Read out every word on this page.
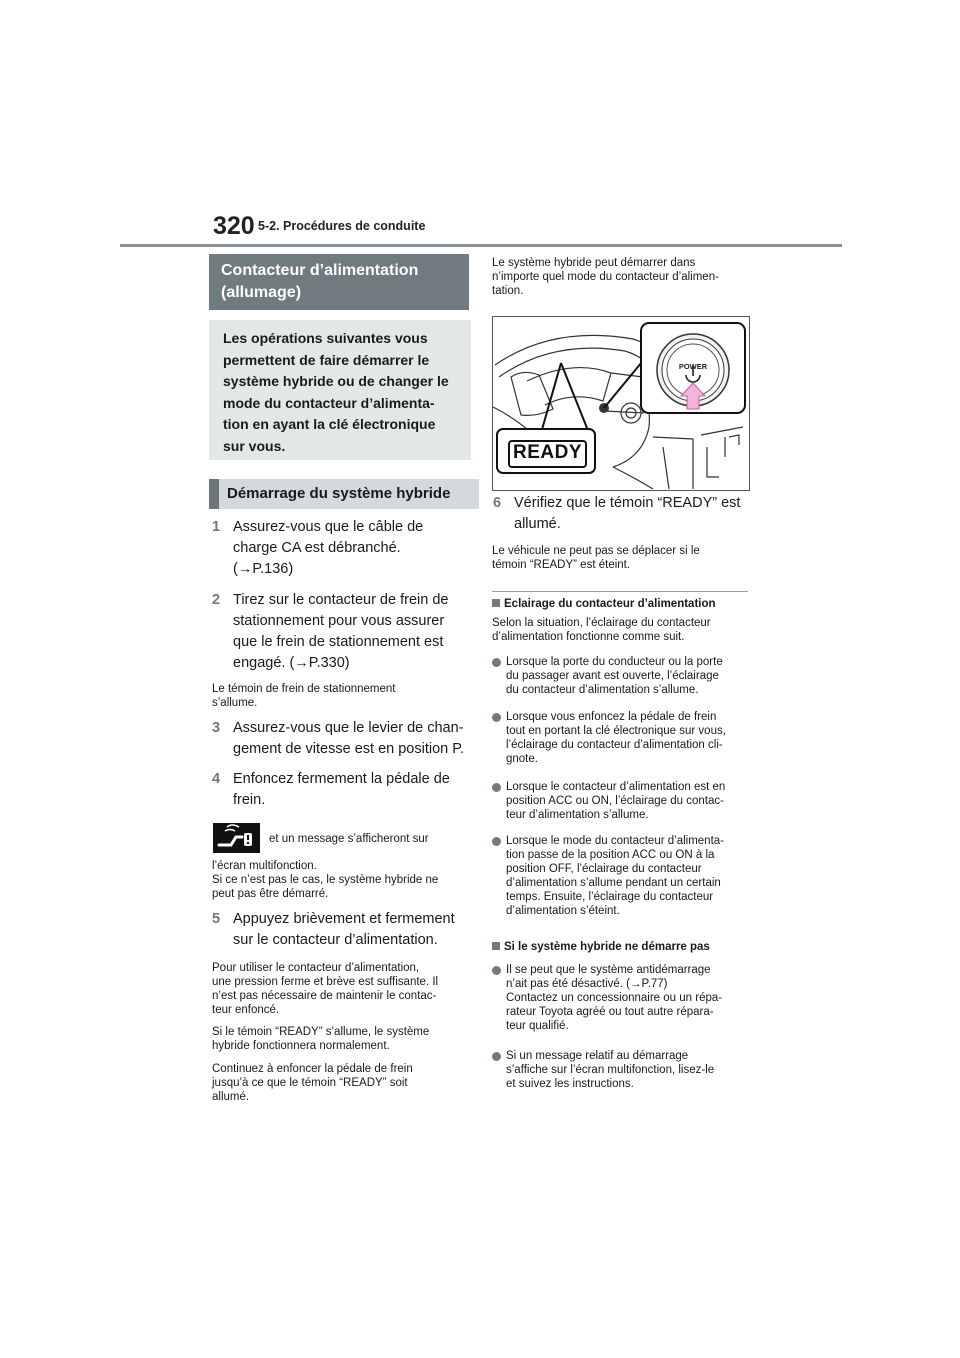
320 5-2. Procédures de conduite
Contacteur d’alimentation
(allumage)
Les opérations suivantes vous
permettent de faire démarrer le
système hybride ou de changer le
mode du contacteur d’alimenta-
tion en ayant la clé électronique
sur vous.
Démarrage du système hybride
1 Assurez-vous que le câble de
charge CA est débranché.
(→P.136)
2 Tirez sur le contacteur de frein de
stationnement pour vous assurer
que le frein de stationnement est
engagé. (→P.330)
Le témoin de frein de stationnement
s’allume.
3 Assurez-vous que le levier de chan-
gement de vitesse est en position P.
4 Enfoncez fermement la pédale de
frein.
et un message s’afficheront sur
l’écran multifonction.
Si ce n’est pas le cas, le système hybride ne
peut pas être démarré.
5 Appuyez brièvement et fermement
sur le contacteur d’alimentation.
Pour utiliser le contacteur d’alimentation,
une pression ferme et brève est suffisante. Il
n’est pas nécessaire de maintenir le contac-
teur enfoncé.
Si le témoin “READY” s’allume, le système
hybride fonctionnera normalement.
Continuez à enfoncer la pédale de frein
jusqu’à ce que le témoin “READY” soit
allumé.
Le système hybride peut démarrer dans
n’importe quel mode du contacteur d’alimen-
tation.
POWER
READY
6 Vérifiez que le témoin “READY” est
allumé.
Le véhicule ne peut pas se déplacer si le
témoin “READY” est éteint.
Eclairage du contacteur d’alimentation
Selon la situation, l’éclairage du contacteur
d’alimentation fonctionne comme suit.
Lorsque la porte du conducteur ou la porte
du passager avant est ouverte, l’éclairage
du contacteur d’alimentation s’allume.
Lorsque vous enfoncez la pédale de frein
tout en portant la clé électronique sur vous,
l’éclairage du contacteur d’alimentation cli-
gnote.
Lorsque le contacteur d’alimentation est en
position ACC ou ON, l’éclairage du contac-
teur d’alimentation s’allume.
Lorsque le mode du contacteur d’alimenta-
tion passe de la position ACC ou ON à la
position OFF, l’éclairage du contacteur
d’alimentation s’allume pendant un certain
temps. Ensuite, l’éclairage du contacteur
d’alimentation s’éteint.
Si le système hybride ne démarre pas
Il se peut que le système antidémarrage
n’ait pas été désactivé. (→P.77)
Contactez un concessionnaire ou un répa-
rateur Toyota agréé ou tout autre répara-
teur qualifié.
Si un message relatif au démarrage
s’affiche sur l’écran multifonction, lisez-le
et suivez les instructions.
